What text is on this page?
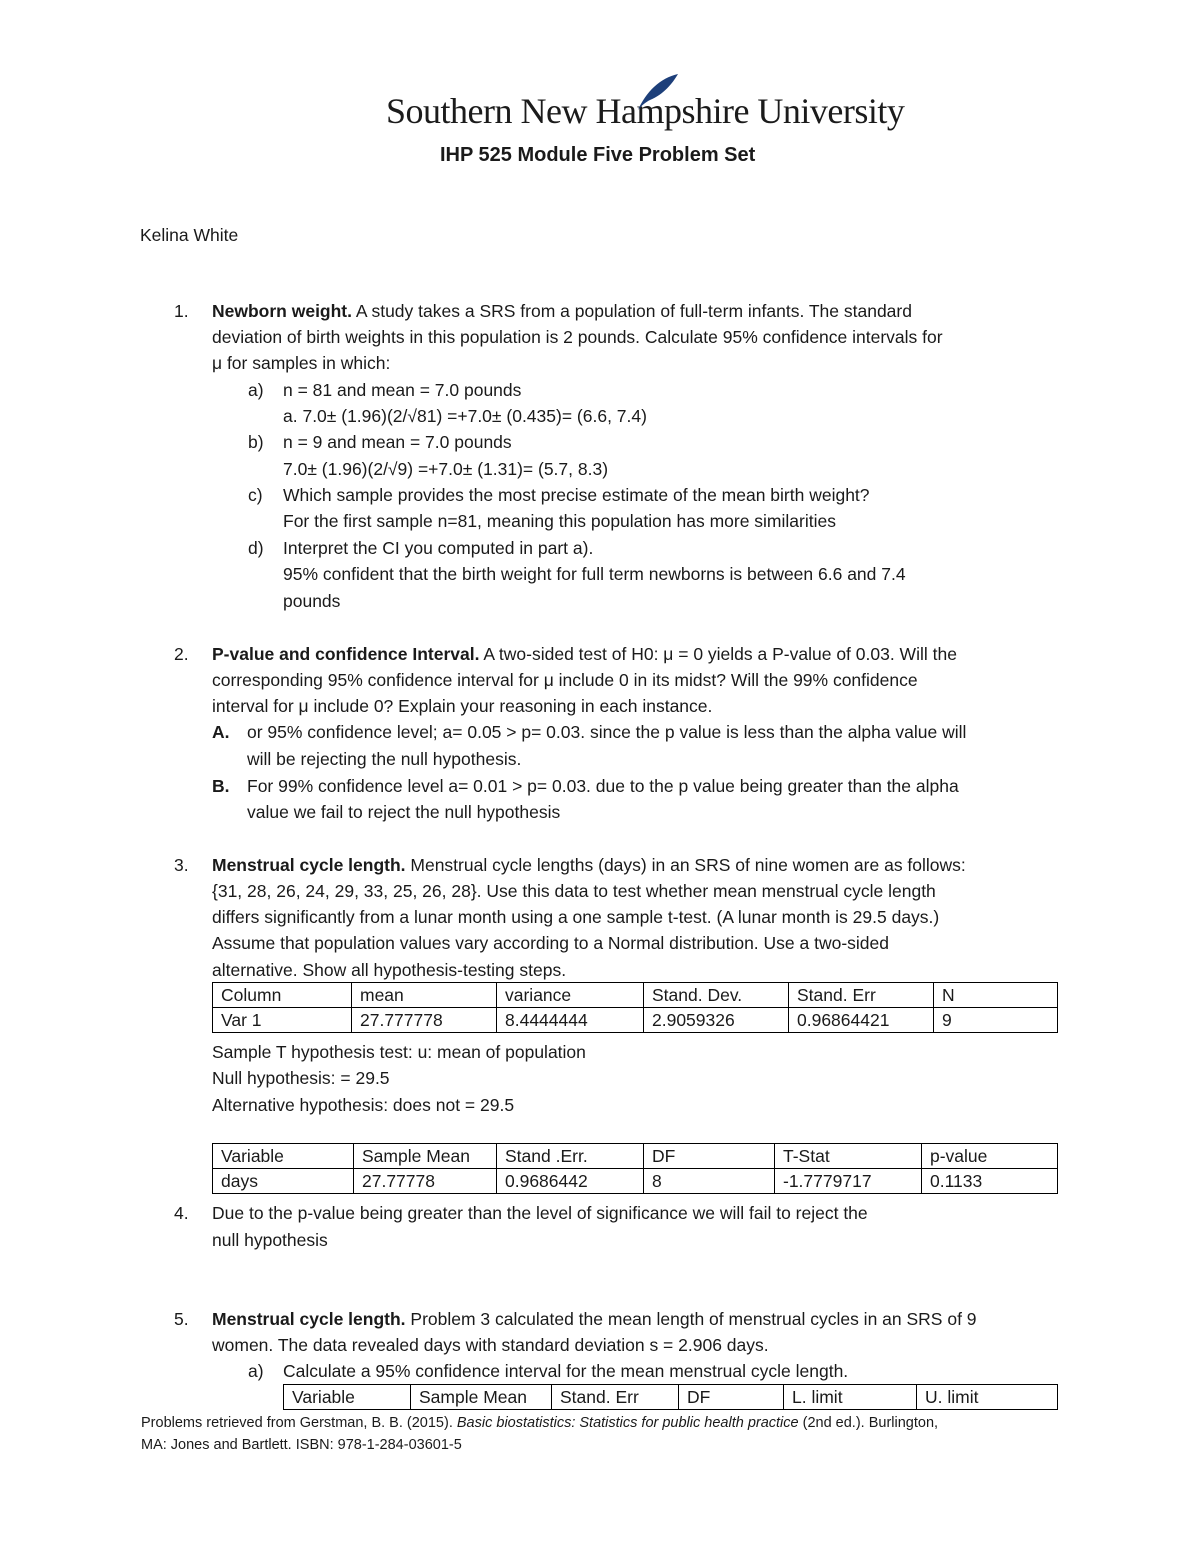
Southern New Hampshire University
IHP 525 Module Five Problem Set
Kelina White
1. Newborn weight. A study takes a SRS from a population of full-term infants. The standard
deviation of birth weights in this population is 2 pounds. Calculate 95% confidence intervals for
μ for samples in which:
a) n = 81 and mean = 7.0 pounds
a. 7.0± (1.96)(2/√81) =+7.0± (0.435)= (6.6, 7.4)
b) n = 9 and mean = 7.0 pounds
7.0± (1.96)(2/√9) =+7.0± (1.31)= (5.7, 8.3)
c) Which sample provides the most precise estimate of the mean birth weight?
For the first sample n=81, meaning this population has more similarities
d) Interpret the CI you computed in part a).
95% confident that the birth weight for full term newborns is between 6.6 and 7.4
pounds
2. P-value and confidence Interval. A two-sided test of H0: μ = 0 yields a P-value of 0.03. Will the
corresponding 95% confidence interval for μ include 0 in its midst? Will the 99% confidence
interval for μ include 0? Explain your reasoning in each instance.
A. or 95% confidence level; a= 0.05 > p= 0.03. since the p value is less than the alpha value will
will be rejecting the null hypothesis.
B. For 99% confidence level a= 0.01 > p= 0.03. due to the p value being greater than the alpha
value we fail to reject the null hypothesis
3. Menstrual cycle length. Menstrual cycle lengths (days) in an SRS of nine women are as follows:
{31, 28, 26, 24, 29, 33, 25, 26, 28}. Use this data to test whether mean menstrual cycle length
differs significantly from a lunar month using a one sample t-test. (A lunar month is 29.5 days.)
Assume that population values vary according to a Normal distribution. Use a two-sided
alternative. Show all hypothesis-testing steps.
Column	mean	variance	Stand. Dev.	Stand. Err	N
Var 1	27.777778	8.4444444	2.9059326	0.96864421	9
Sample T hypothesis test: u: mean of population
Null hypothesis: = 29.5
Alternative hypothesis: does not = 29.5
Variable	Sample Mean	Stand .Err.	DF	T-Stat	p-value
days	27.77778	0.9686442	8	-1.7779717	0.1133
4. Due to the p-value being greater than the level of significance we will fail to reject the
null hypothesis
5. Menstrual cycle length. Problem 3 calculated the mean length of menstrual cycles in an SRS of 9
women. The data revealed days with standard deviation s = 2.906 days.
a) Calculate a 95% confidence interval for the mean menstrual cycle length.
Variable	Sample Mean	Stand. Err	DF	L. limit	U. limit
Problems retrieved from Gerstman, B. B. (2015). Basic biostatistics: Statistics for public health practice (2nd ed.). Burlington,
MA: Jones and Bartlett. ISBN: 978-1-284-03601-5
